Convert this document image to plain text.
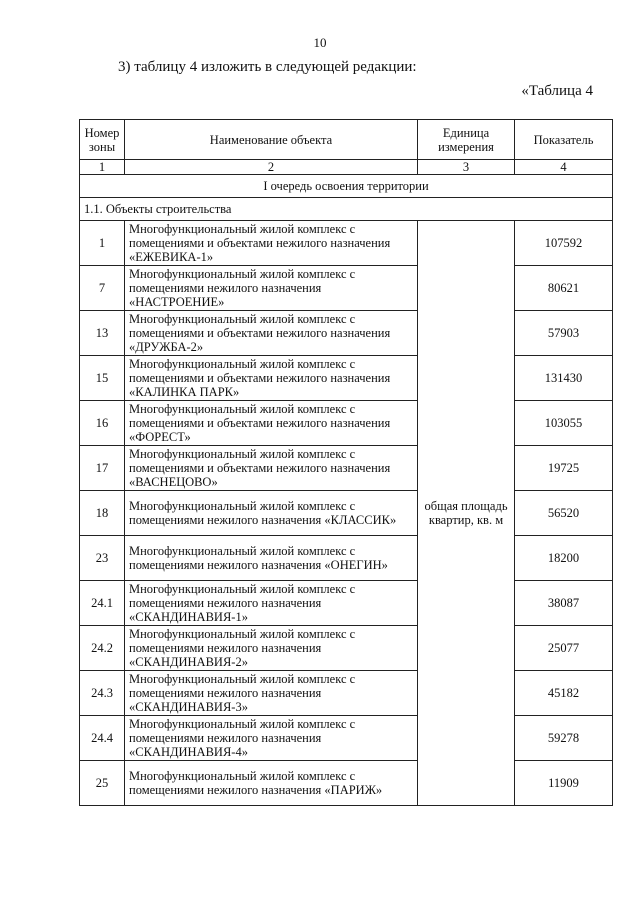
10
3) таблицу 4 изложить в следующей редакции:
«Таблица 4
Номер зоны	Наименование объекта	Единица измерения	Показатель
1	2	3	4
I очередь освоения территории			
1.1. Объекты строительства			
1	Многофункциональный жилой комплекс с помещениями и объектами нежилого назначения «ЕЖЕВИКА-1»	общая площадь квартир, кв. м	107592
7	Многофункциональный жилой комплекс с помещениями нежилого назначения «НАСТРОЕНИЕ»		80621
13	Многофункциональный жилой комплекс с помещениями и объектами нежилого назначения «ДРУЖБА-2»		57903
15	Многофункциональный жилой комплекс с помещениями и объектами нежилого назначения «КАЛИНКА ПАРК»		131430
16	Многофункциональный жилой комплекс с помещениями и объектами нежилого назначения «ФОРЕСТ»		103055
17	Многофункциональный жилой комплекс с помещениями и объектами нежилого назначения «ВАСНЕЦОВО»		19725
18	Многофункциональный жилой комплекс с помещениями нежилого назначения «КЛАССИК»		56520
23	Многофункциональный жилой комплекс с помещениями нежилого назначения «ОНЕГИН»		18200
24.1	Многофункциональный жилой комплекс с помещениями нежилого назначения «СКАНДИНАВИЯ-1»		38087
24.2	Многофункциональный жилой комплекс с помещениями нежилого назначения «СКАНДИНАВИЯ-2»		25077
24.3	Многофункциональный жилой комплекс с помещениями нежилого назначения «СКАНДИНАВИЯ-3»		45182
24.4	Многофункциональный жилой комплекс с помещениями нежилого назначения «СКАНДИНАВИЯ-4»		59278
25	Многофункциональный жилой комплекс с помещениями нежилого назначения «ПАРИЖ»		11909
